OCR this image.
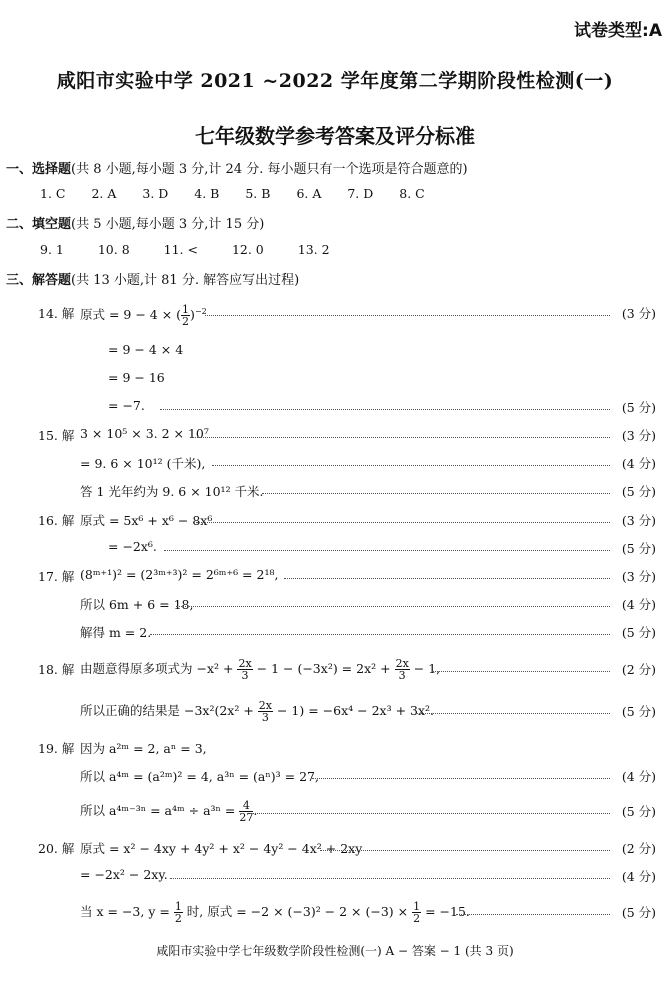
试卷类型:A
咸阳市实验中学 2021 ~2022 学年度第二学期阶段性检测(一)
七年级数学参考答案及评分标准
一、选择题(共 8 小题,每小题 3 分,计 24 分. 每小题只有一个选项是符合题意的)
1. C 2. A 3. D 4. B 5. B 6. A 7. D 8. C
二、填空题(共 5 小题,每小题 3 分,计 15 分)
9. 1	10. 8	11. <	12. 0	13. 2
三、解答题(共 13 小题,计 81 分. 解答应写出过程)
14. 解 原式 = 9 − 4 × ( $\frac{1}{2} )^{-2}$	(3 分)
= 9 − 4 × 4
= 9 − 16
= −7.	(5 分)
15. 解 3 × 10⁵ × 3. 2 × 10⁷	(3 分)
= 9. 6 × 10¹² (千米),	(4 分)
答 1 光年约为 9. 6 × 10¹² 千米.	(5 分)
16. 解 原式 = 5x⁶ + x⁶ − 8x⁶	(3 分)
= −2x⁶.	(5 分)
17. 解 (8ᵐ⁺¹)² = (2³ᵐ⁺³)² = 2⁶ᵐ⁺⁶ = 2¹⁸,	(3 分)
所以 6m + 6 = 18,	(4 分)
解得 m = 2.	(5 分)
18. 解 由题意得原多项式为 $-x^2 + \frac{2x}{3} - 1 - (-3x^2) = 2x^2 + \frac{2x}{3} - 1$,	(2 分)
所以正确的结果是 $-3x^2(2x^2 + \frac{2x}{3} - 1) = -6x^4 - 2x^3 + 3x^2$.	(5 分)
19. 解 因为 a²ᵐ = 2, aⁿ = 3,
所以 a⁴ᵐ = (a²ᵐ)² = 4, a³ⁿ = (aⁿ)³ = 27,	(4 分)
所以 a⁴ᵐ⁻³ⁿ = a⁴ᵐ ÷ $a^{3n} = \frac{4}{27}$ .	(5 分)
20. 解 原式 = x² − 4xy + 4y² + x² − 4y² − 4x² + 2xy	(2 分)
= −2x² − 2xy.	(4 分)
当 x = −3, $y = \frac{1}{2}$ 时, 原式 = $-2 \times (-3)^2 - 2 \times (-3) \times \frac{1}{2} = -15$.	(5 分)
咸阳市实验中学七年级数学阶段性检测(一) A − 答案 − 1 (共 3 页)
